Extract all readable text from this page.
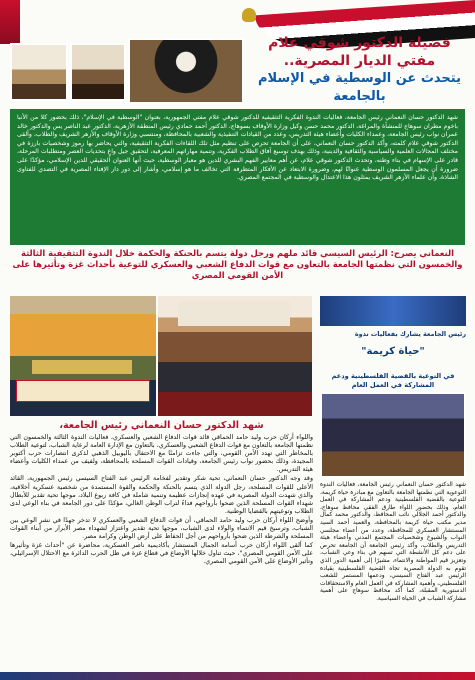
فضيلة الدكتور شوقي علام
مفتي الديار المصرية..
يتحدث عن الوسطية في الإسلام بالجامعة
شهد الدكتور حسان النعماني رئيس الجامعة، فعاليات الندوة الفكرية التثقيفية للدكتور شوقي علام مفتي الجمهورية، بعنوان "الوسطية في الإسلام"، ذلك بحضور كلا من الأنبا باخوم مطران سوهاج للمنشأة والمراغة، الدكتور محمد حسن وكيل وزارة الأوقاف بسوهاج، الدكتور أحمد حمادي رئيس المنطقة الأزهرية، الدكتور عبد الناصر يس والدكتور خالد عمران نواب رئيس الجامعة، وعمداء الكليات وأعضاء هيئة التدريس، وعدد من القيادات التنفيذية والشعبية بالمحافظة، ومنتسبي وزارة الأوقاف والأزهر الشريف والطلاب، وألقى الدكتور شوقي علام كلمته، وأكد الدكتور حسان النعماني، على أن الجامعة تحرص على تنظيم مثل تلك اللقاءات الفكرية التثقيفية، والتي يحاضر بها رموز وشخصيات بارزة في مختلف المجالات العلمية والسياسية والثقافية والدينية، وذلك بهدف توسيع آفاق الطلاب الفكرية، وتنمية مهاراتهم المعرفية، لتحقيق جيل واعٍ بتحديات العصر ومتطلبات المرحلة، قادر على الإسهام في بناء وطنه، وتحدث الدكتور شوقي علام، عن أهم معايير الفهم البشري للدين هو معيار الوسطية، حيث أنها العنوان الحقيقي للدين الإسلامي، مؤكدًا على ضرورة أن يجعل المسلمون الوسطية عنوانًا لهم، وضرورة الابتعاد عن الأفكار المتطرفة التي تخالف ما هو إسلامي، وأشار إلى دور دار الإفتاء المصرية في التصدي للفتاوى الشاذة، وأن علماء الأزهر الشريف يمثلون هذا الاعتدال والوسطية في المجتمع المصري.
النعماني يصرح: الرئيس السيسي قائد ملهم ورجل دولة يتسم بالحنكة والحكمة خلال الندوة التثقيفية الثالثة والخمسون التي نظمتها الجامعة بالتعاون مع قوات الدفاع الشعبي والعسكري للتوعية بأحداث غزة وتأثيرها على الأمن القومي المصري
رئيس الجامعة يشارك بفعاليات ندوة
"حياة كريمة"
في التوعية بالقضية الفلسطينية ودعم المشاركة في العمل العام
شهد الدكتور حسان النعماني رئيس الجامعة، فعاليات الندوة التوعوية التي نظمتها الجامعة بالتعاون مع مبادرة حياة كريمة، للتوعية بالقضية الفلسطينية ودعم المشاركة في العمل العام، وذلك بحضور اللواء طارق الفقي محافظ سوهاج، والدكتور أحمد الجلالي نائب المحافظ، والدكتور محمد كمال مدير مكتب حياة كريمة بالمحافظة، والعميد أحمد السيد المستشار العسكري للمحافظة، وعدد من أعضاء مجلسي النواب والشيوخ وشخصيات المجتمع المدني وأعضاء هيئة التدريس والطلاب، وأكد رئيس الجامعة أن الجامعة تحرص على دعم كل الأنشطة التي تسهم في بناء وعي الشباب، وتعزيز قيم المواطنة والانتماء، مشيرًا إلى أهمية الدور الذي تقوم به الدولة المصرية تجاه القضية الفلسطينية بقيادة الرئيس عبد الفتاح السيسي، ودعمها المستمر للشعب الفلسطيني، وأهمية المشاركة في العمل العام والاستحقاقات الدستورية المقبلة، كما أكد محافظ سوهاج على أهمية مشاركة الشباب في الحياة السياسية.
شهد الدكتور حسان النعماني رئيس الجامعة،

واللواء أركان حرب وليد حامد الحماقي قائد قوات الدفاع الشعبي والعسكري، فعاليات الندوة الثالثة والخمسون التي نظمتها الجامعة بالتعاون مع قوات الدفاع الشعبي والعسكري، بالتعاون مع الإدارة العامة لرعاية الشباب، لتوعية الطلاب بالمخاطر التي تهدد الأمن القومي، والتي جاءت تزامنًا مع الاحتفال باليوبيل الذهبي لذكرى انتصارات حرب أكتوبر المجيدة، وذلك بحضور نواب رئيس الجامعة، وقيادات القوات المسلحة بالمحافظة، ولفيف من عمداء الكليات وأعضاء هيئة التدريس.

وقد وجه الدكتور حسان النعماني، تحية شكر وتقدير لفخامة الرئيس عبد الفتاح السيسي رئيس الجمهورية، القائد الأعلى للقوات المسلحة، رجل الدولة الذي يتسم بالحنكة والحكمة والقوة المستمدة من شخصية عسكرية أخلاقية، والذي شهدت الدولة المصرية في عهده إنجازات عظيمة وتنمية شاملة في كافة ربوع البلاد، موجها تحية تقدير للأبطال شهداء القوات المسلحة الذين ضحوا بأرواحهم فداءً لتراب الوطن الغالي، مؤكدًا على دور الجامعة في بناء الوعي لدى الطلاب وتوعيتهم بالقضايا الوطنية.

وأوضح اللواء أركان حرب وليد حامد الحماقي، أن قوات الدفاع الشعبي والعسكري لا تدخر جهدًا في نشر الوعي بين الشباب، وترسيخ قيم الانتماء والولاء لدى الشباب، موجها تحية تقدير واعتزاز لشهداء مصر الأبرار من أبناء القوات المسلحة والشرطة الذين ضحوا بأرواحهم من أجل الحفاظ على أرض الوطن وكرامة مصر.

كما ألقى اللواء أركان حرب أسامة الجمال المستشار بأكاديمية ناصر العسكرية، محاضرة عن "أحداث غزة وتأثيرها على الأمن القومي المصري"، حيث تناول خلالها الأوضاع في قطاع غزة في ظل الحرب الدائرة مع الاحتلال الإسرائيلي، وتأثير الأوضاع على الأمن القومي المصري.
